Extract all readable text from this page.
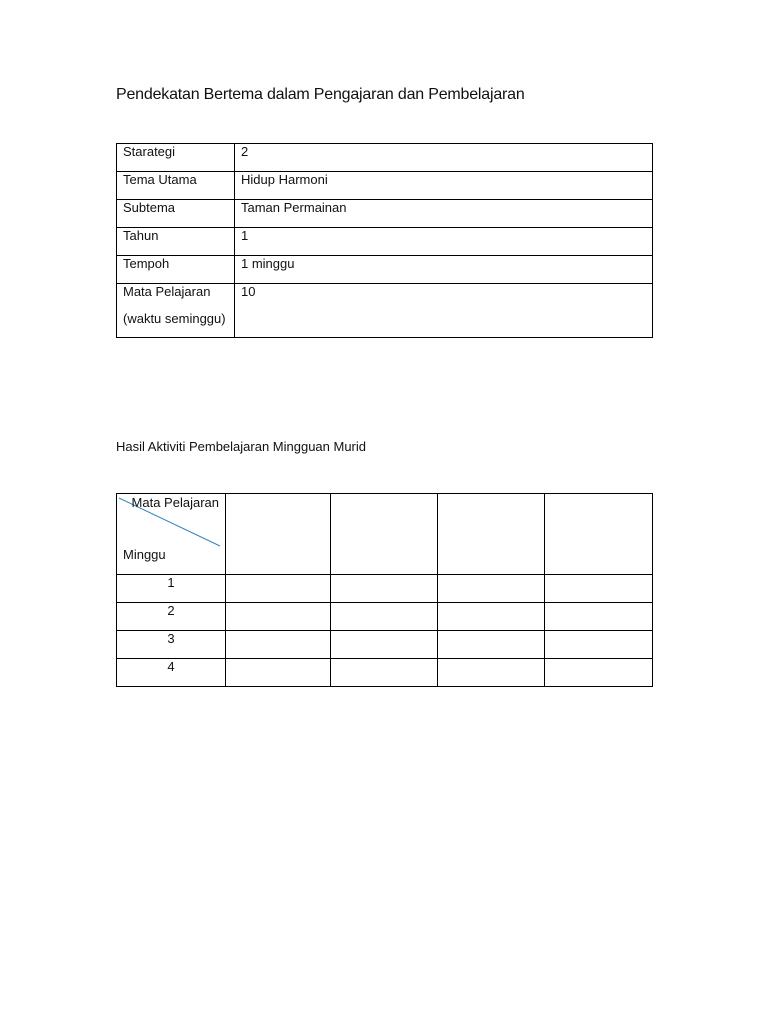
Pendekatan Bertema dalam Pengajaran dan Pembelajaran
Starategi	2
Tema Utama	Hidup Harmoni
Subtema	Taman Permainan
Tahun	1
Tempoh	1 minggu
Mata Pelajaran
(waktu seminggu)	10
Hasil Aktiviti Pembelajaran Mingguan Murid
Mata Pelajaran
Minggu				

1				
2				
3				
4				
